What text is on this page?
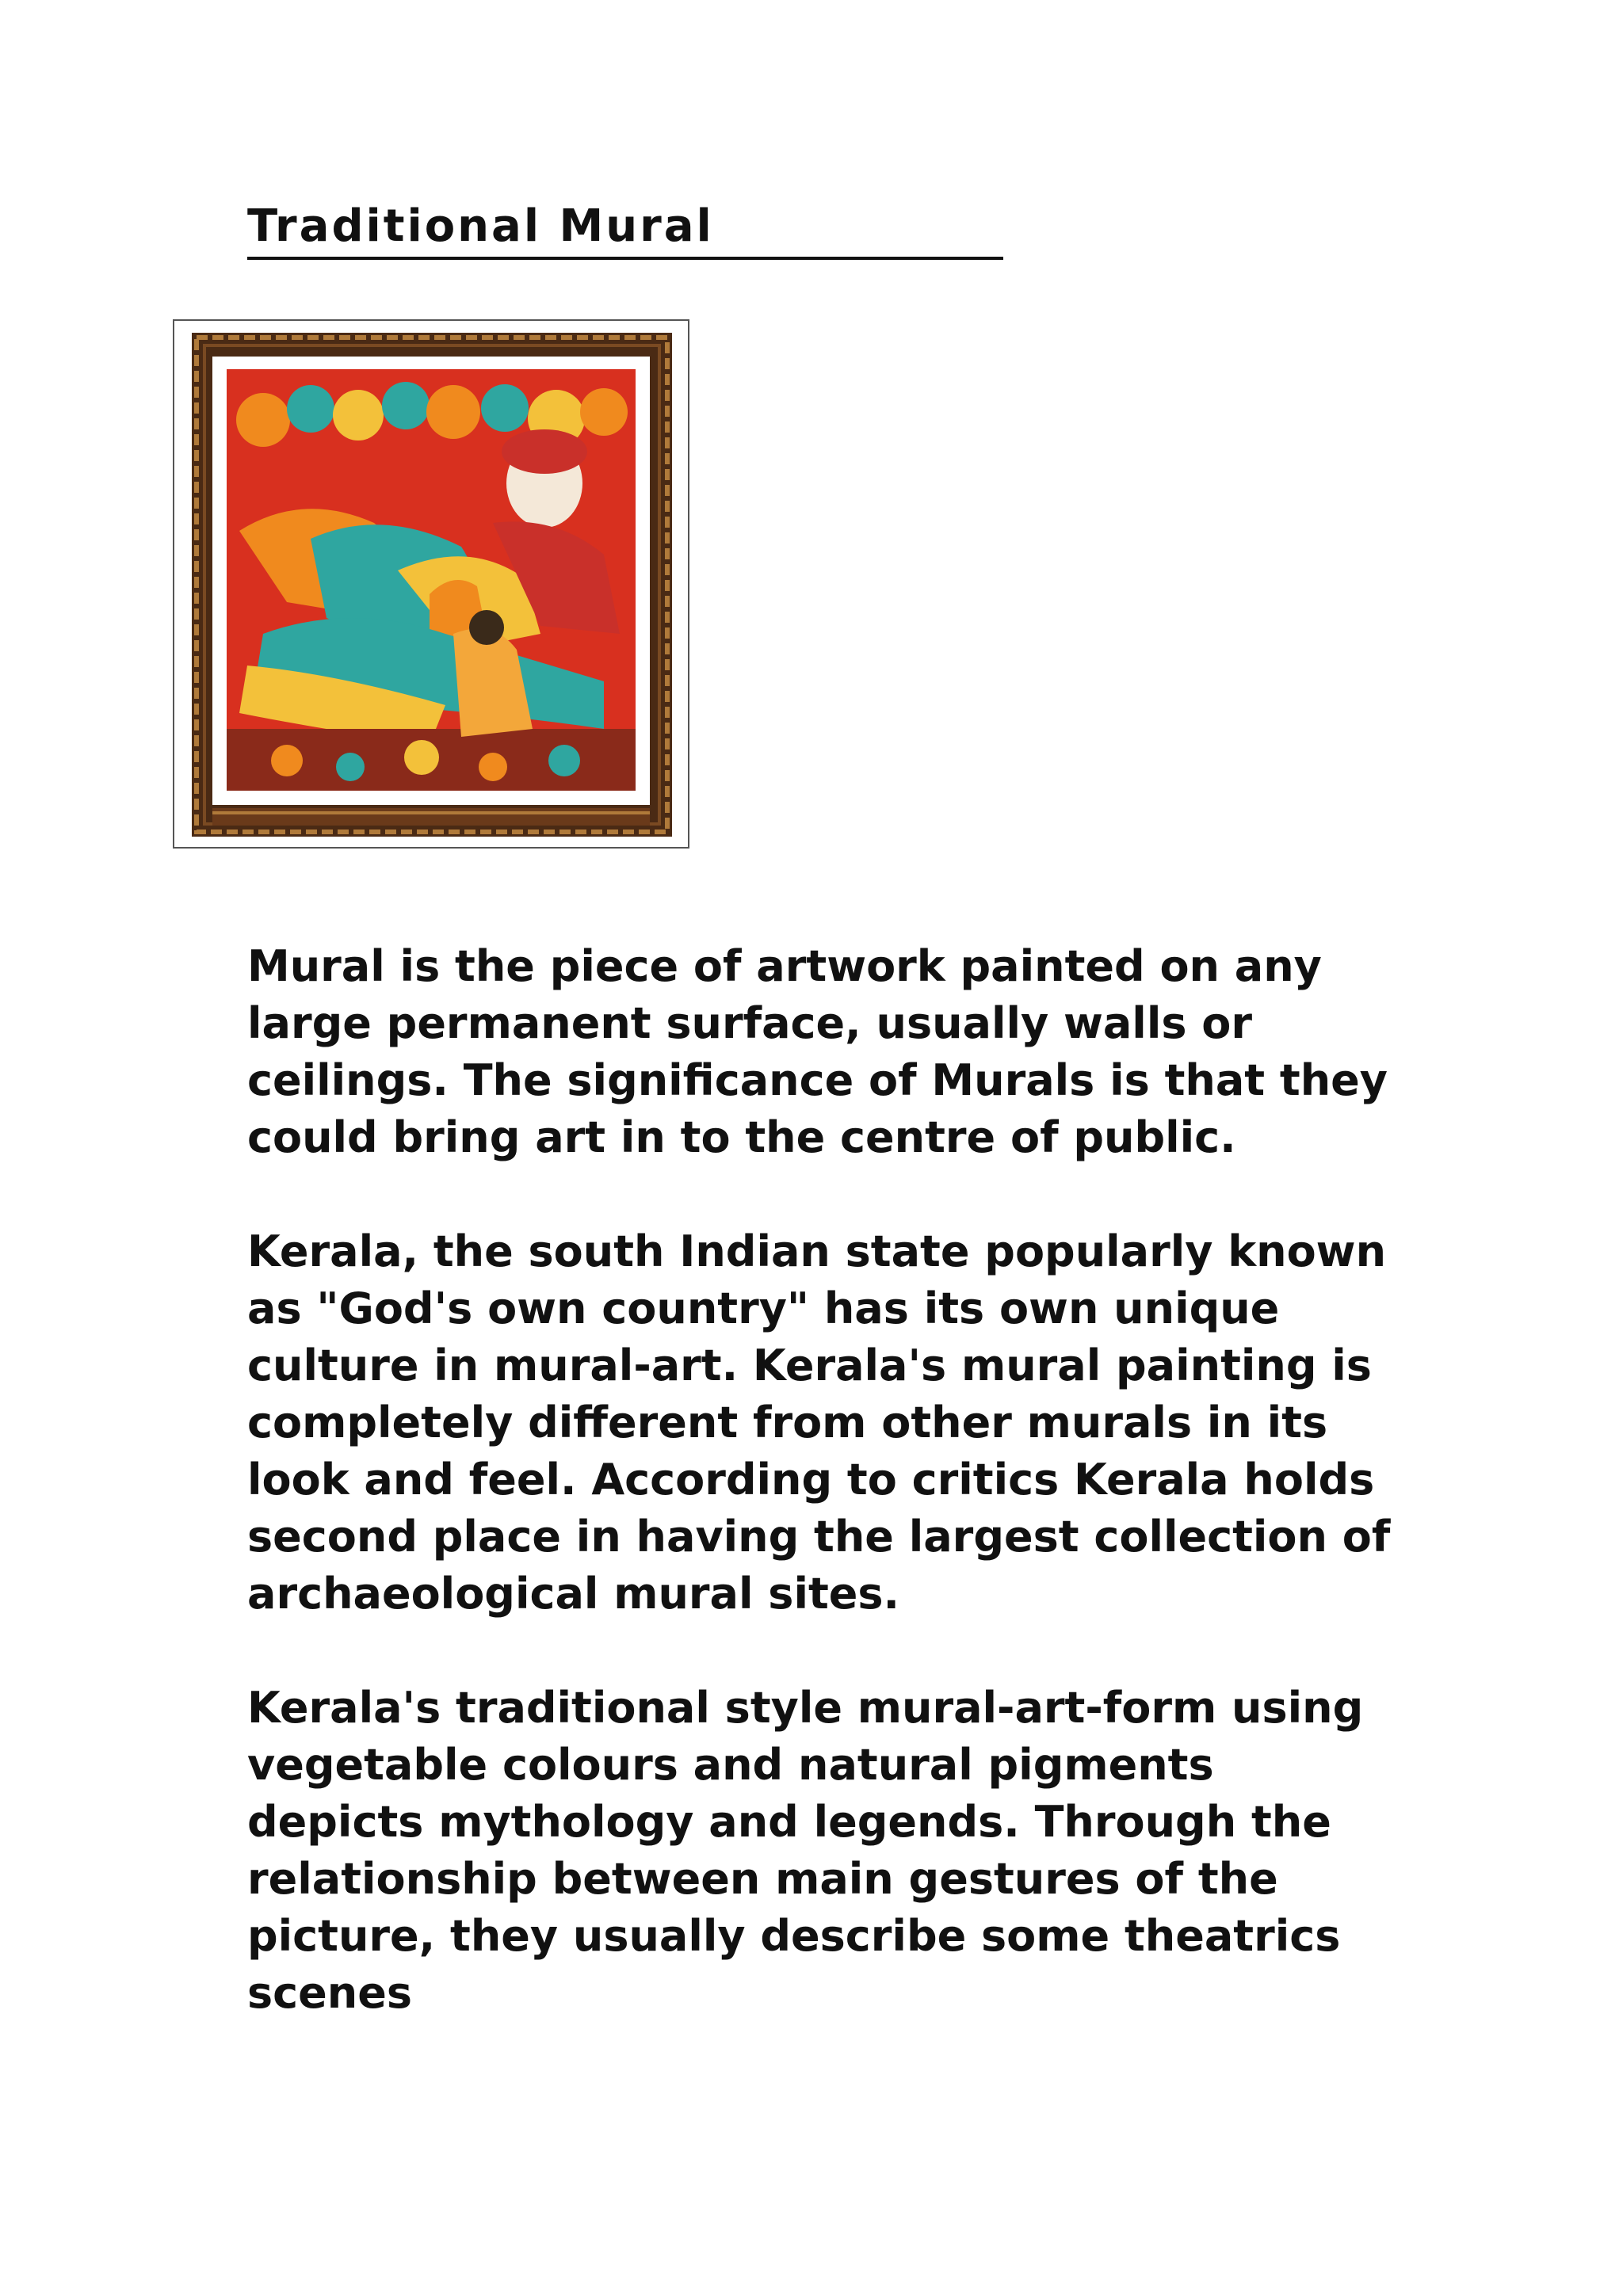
Traditional Mural

Mural is the piece of artwork painted on any
large permanent surface, usually walls or
ceilings. The significance of Murals is that they
could bring art in to the centre of public.

Kerala, the south Indian state popularly known
as "God's own country" has its own unique
culture in mural-art. Kerala's mural painting is
completely different from other murals in its
look and feel. According to critics Kerala holds
second place in having the largest collection of
archaeological mural sites.

Kerala's traditional style mural-art-form using
vegetable colours and natural pigments
depicts mythology and legends. Through the
relationship between main gestures of the
picture, they usually describe some theatrics
scenes
